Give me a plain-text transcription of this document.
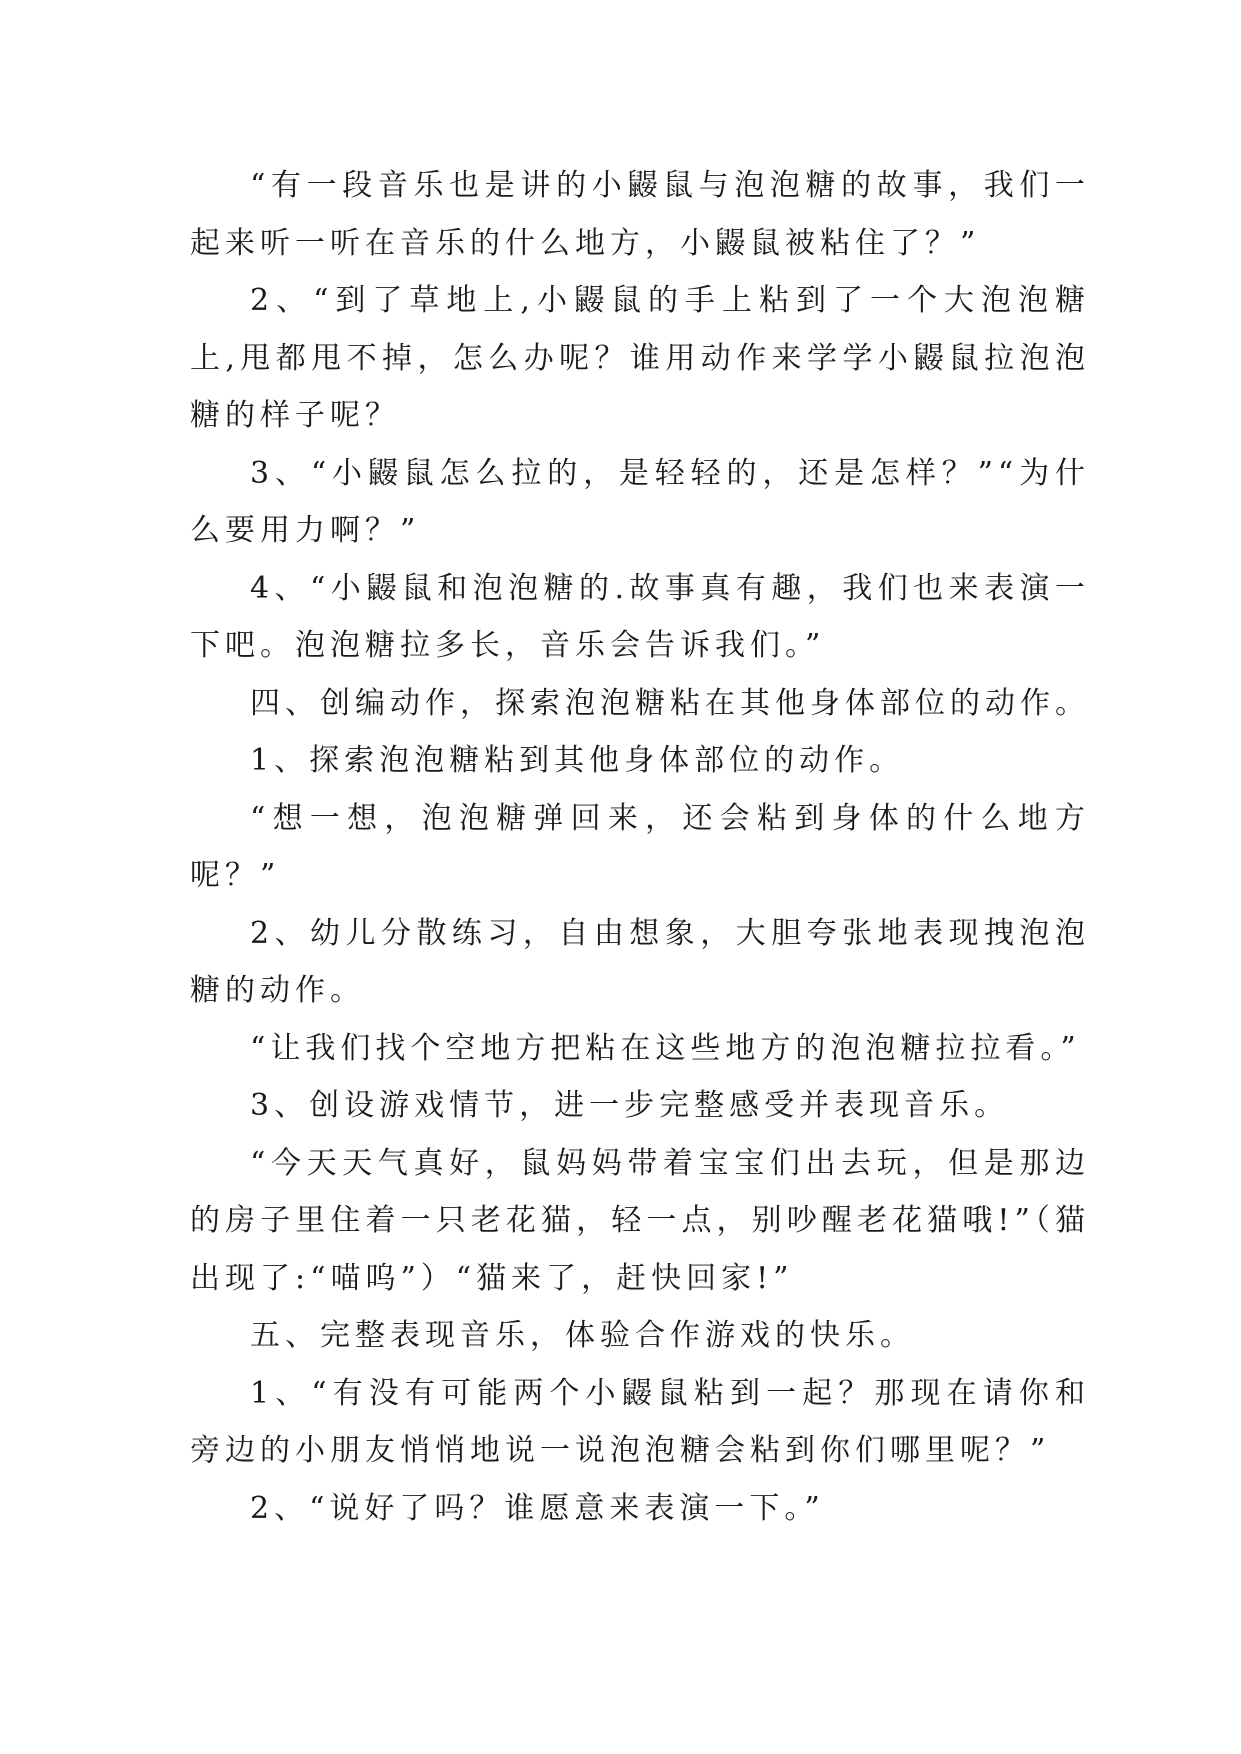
“有一段音乐也是讲的小鼹鼠与泡泡糖的故事，我们一起来听一听在音乐的什么地方，小鼹鼠被粘住了？”

2、“到了草地上,小鼹鼠的手上粘到了一个大泡泡糖上,甩都甩不掉，怎么办呢？谁用动作来学学小鼹鼠拉泡泡糖的样子呢？

3、“小鼹鼠怎么拉的，是轻轻的，还是怎样？”“为什么要用力啊？”

4、“小鼹鼠和泡泡糖的.故事真有趣，我们也来表演一下吧。泡泡糖拉多长，音乐会告诉我们。”

四、创编动作，探索泡泡糖粘在其他身体部位的动作。

1、探索泡泡糖粘到其他身体部位的动作。

“想一想，泡泡糖弹回来，还会粘到身体的什么地方呢？”

2、幼儿分散练习，自由想象，大胆夸张地表现拽泡泡糖的动作。

“让我们找个空地方把粘在这些地方的泡泡糖拉拉看。”

3、创设游戏情节，进一步完整感受并表现音乐。

“今天天气真好，鼠妈妈带着宝宝们出去玩，但是那边的房子里住着一只老花猫，轻一点，别吵醒老花猫哦!”（猫出现了:“喵呜”）“猫来了，赶快回家!”

五、完整表现音乐，体验合作游戏的快乐。

1、“有没有可能两个小鼹鼠粘到一起？那现在请你和旁边的小朋友悄悄地说一说泡泡糖会粘到你们哪里呢？”

2、“说好了吗？谁愿意来表演一下。”
